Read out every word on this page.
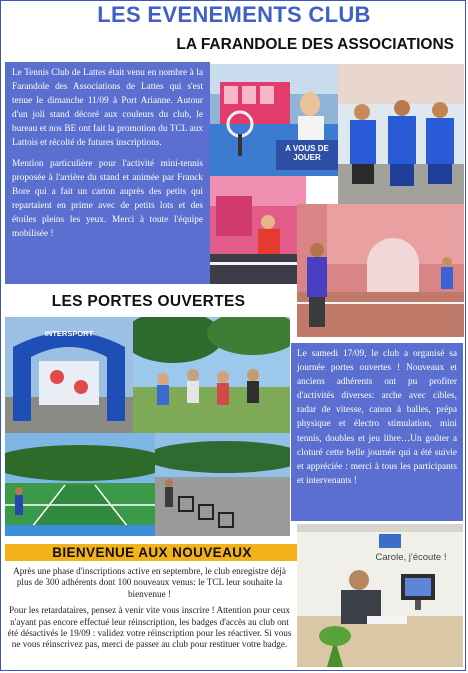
LES EVENEMENTS CLUB
LA FARANDOLE DES ASSOCIATIONS

Le Tennis Club de Lattes était venu en nombre à la Farandole des Associations de Lattes qui s'est tenue le dimanche 11/09 à Port Arianne. Autour d'un joli stand décoré aux couleurs du club, le bureau et nos BE ont fait la promotion du TCL aux Lattois et récolté de futures inscriptions.

Mention particulière pour l'activité mini-tennis proposée à l'arrière du stand et animée par Franck Bore qui a fait un carton auprès des petits qui repartaient en prime avec de petits lots et des étoiles pleins les yeux. Merci à toute l'équipe mobilisée !

A VOUS DE JOUER
LES PORTES OUVERTES
INTERSPORT

Le samedi 17/09, le club a organisé sa journée portes ouvertes ! Nouveaux et anciens adhérents ont pu profiter d'activités diverses: arche avec cibles, radar de vitesse, canon à balles, prépa physique et électro stimulation, mini tennis, doubles et jeu libre…Un goûter a cloturé cette belle journée qui a été suivie et appréciée : merci à tous les participants et intervenants !

BIENVENUE AUX NOUVEAUX

Après une phase d'inscriptions active en septembre, le club enregistre déjà plus de 300 adhérents dont 100 nouveaux venus: le TCL leur souhaite la bienvenue !

Pour les retardataires, pensez à venir vite vous inscrire ! Attention pour ceux n'ayant pas encore effectué leur réinscription, les badges d'accès au club ont été désactivés le 19/09 : validez votre réinscription pour les réactiver. Si vous ne vous réinscrivez pas, merci de passer au club pour restituer votre badge.

Carole, j'écoute !
